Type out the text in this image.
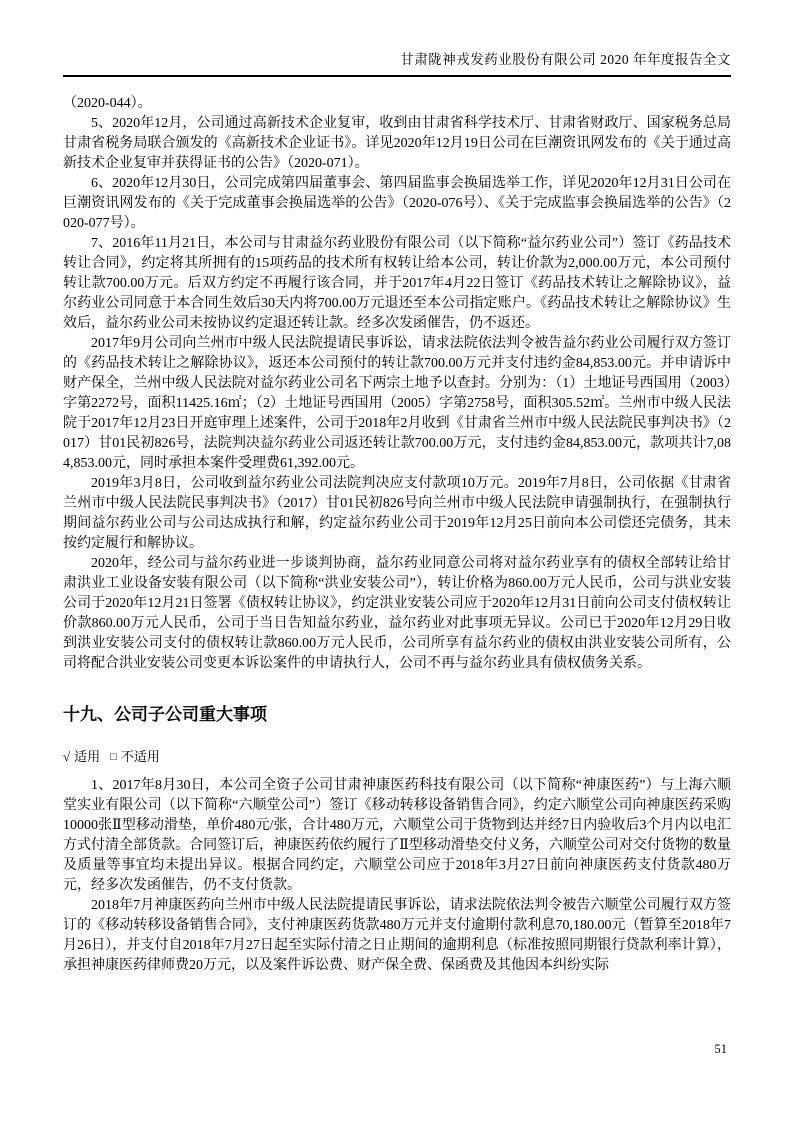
甘肃陇神戎发药业股份有限公司 2020 年年度报告全文

（2020-044）。

5、2020年12月，公司通过高新技术企业复审，收到由甘肃省科学技术厅、甘肃省财政厅、国家税务总局甘肃省税务局联合颁发的《高新技术企业证书》。详见2020年12月19日公司在巨潮资讯网发布的《关于通过高新技术企业复审并获得证书的公告》（2020-071）。

6、2020年12月30日，公司完成第四届董事会、第四届监事会换届选举工作，详见2020年12月31日公司在巨潮资讯网发布的《关于完成董事会换届选举的公告》（2020-076号）、《关于完成监事会换届选举的公告》（2020-077号）。

7、2016年11月21日，本公司与甘肃益尔药业股份有限公司（以下简称“益尔药业公司”）签订《药品技术转让合同》，约定将其所拥有的15项药品的技术所有权转让给本公司，转让价款为2,000.00万元，本公司预付转让款700.00万元。后双方约定不再履行该合同，并于2017年4月22日签订《药品技术转让之解除协议》，益尔药业公司同意于本合同生效后30天内将700.00万元退还至本公司指定账户。《药品技术转让之解除协议》生效后，益尔药业公司未按协议约定退还转让款。经多次发函催告，仍不返还。

2017年9月公司向兰州市中级人民法院提请民事诉讼，请求法院依法判令被告益尔药业公司履行双方签订的《药品技术转让之解除协议》，返还本公司预付的转让款700.00万元并支付违约金84,853.00元。并申请诉中财产保全，兰州中级人民法院对益尔药业公司名下两宗土地予以查封。分别为：（1）土地证号西国用（2003）字第2272号，面积11425.16㎡；（2）土地证号西国用（2005）字第2758号，面积305.52㎡。兰州市中级人民法院于2017年12月23日开庭审理上述案件，公司于2018年2月收到《甘肃省兰州市中级人民法院民事判决书》（2017）甘01民初826号，法院判决益尔药业公司返还转让款700.00万元，支付违约金84,853.00元，款项共计7,084,853.00元，同时承担本案件受理费61,392.00元。

2019年3月8日，公司收到益尔药业公司法院判决应支付款项10万元。2019年7月8日，公司依据《甘肃省兰州市中级人民法院民事判决书》（2017）甘01民初826号向兰州市中级人民法院申请强制执行，在强制执行期间益尔药业公司与公司达成执行和解，约定益尔药业公司于2019年12月25日前向本公司偿还完债务，其未按约定履行和解协议。

2020年，经公司与益尔药业进一步谈判协商，益尔药业同意公司将对益尔药业享有的债权全部转让给甘肃洪业工业设备安装有限公司（以下简称“洪业安装公司”），转让价格为860.00万元人民币，公司与洪业安装公司于2020年12月21日签署《债权转让协议》，约定洪业安装公司应于2020年12月31日前向公司支付债权转让价款860.00万元人民币，公司于当日告知益尔药业，益尔药业对此事项无异议。公司已于2020年12月29日收到洪业安装公司支付的债权转让款860.00万元人民币，公司所享有益尔药业的债权由洪业安装公司所有，公司将配合洪业安装公司变更本诉讼案件的申请执行人，公司不再与益尔药业具有债权债务关系。

十九、公司子公司重大事项
√ 适用 □ 不适用

1、2017年8月30日，本公司全资子公司甘肃神康医药科技有限公司（以下简称“神康医药”）与上海六顺堂实业有限公司（以下简称“六顺堂公司”）签订《移动转移设备销售合同》，约定六顺堂公司向神康医药采购10000张Ⅱ型移动滑垫，单价480元/张，合计480万元，六顺堂公司于货物到达并经7日内验收后3个月内以电汇方式付清全部货款。合同签订后，神康医药依约履行了Ⅱ型移动滑垫交付义务，六顺堂公司对交付货物的数量及质量等事宜均未提出异议。根据合同约定，六顺堂公司应于2018年3月27日前向神康医药支付货款480万元，经多次发函催告，仍不支付货款。

2018年7月神康医药向兰州市中级人民法院提请民事诉讼，请求法院依法判令被告六顺堂公司履行双方签订的《移动转移设备销售合同》，支付神康医药货款480万元并支付逾期付款利息70,180.00元（暂算至2018年7月26日），并支付自2018年7月27日起至实际付清之日止期间的逾期利息（标准按照同期银行贷款利率计算），承担神康医药律师费20万元，以及案件诉讼费、财产保全费、保函费及其他因本纠纷实际

51
